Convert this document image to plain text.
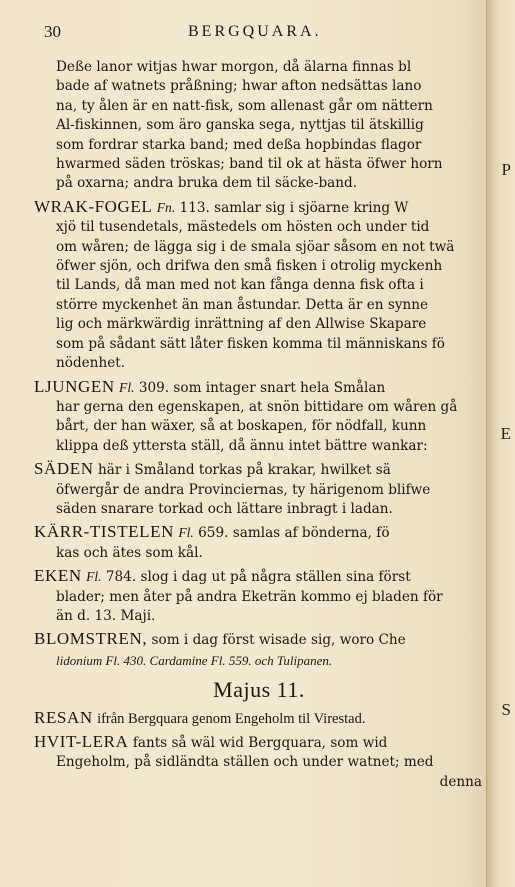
30	BERGQUARA.
P
E
S
Deße lanor witjas hwar morgon, då älarna finnas bl
bade af watnets pråßning; hwar afton nedsättas lano
na, ty ålen är en natt-fisk, som allenast går om nättern
Al-fiskinnen, som äro ganska sega, nyttjas til ätskillig
som fordrar starka band; med deßa hopbindas flagor
hwarmed säden tröskas; band til ok at hästa öfwer horn
på oxarna; andra bruka dem til säcke-band.
WRAK-FOGEL Fn. 113. samlar sig i sjöarne kring W
xjö til tusendetals, mästedels om hösten och under tid
om wåren; de lägga sig i de smala sjöar såsom en not twä
öfwer sjön, och drifwa den små fisken i otrolig myckenh
til Lands, då man med not kan fånga denna fisk ofta i
större myckenhet än man åstundar. Detta är en synne
lig och märkwärdig inrättning af den Allwise Skapare
som på sådant sätt låter fisken komma til människans fö
nödenhet.
LJUNGEN Fl. 309. som intager snart hela Smålan
har gerna den egenskapen, at snön bittidare om wåren gå
bårt, der han wäxer, så at boskapen, för nödfall, kunn
klippa deß yttersta ställ, då ännu intet bättre wankar:
SÄDEN här i Småland torkas på krakar, hwilket sä
öfwergår de andra Provinciernas, ty härigenom blifwe
säden snarare torkad och lättare inbragt i ladan.
KÄRR-TISTELEN Fl. 659. samlas af bönderna, fö
kas och ätes som kål.
EKEN Fl. 784. slog i dag ut på några ställen sina först
blader; men åter på andra Eketrän kommo ej bladen för
än d. 13. Maji.
BLOMSTREN, som i dag först wisade sig, woro Che
lidonium Fl. 430. Cardamine Fl. 559. och Tulipanen.
Majus 11.
RESAN ifrån Bergquara genom Engeholm til Virestad.
HVIT-LERA fants så wäl wid Bergquara, som wid
Engeholm, på sidländta ställen och under watnet; med
denna
